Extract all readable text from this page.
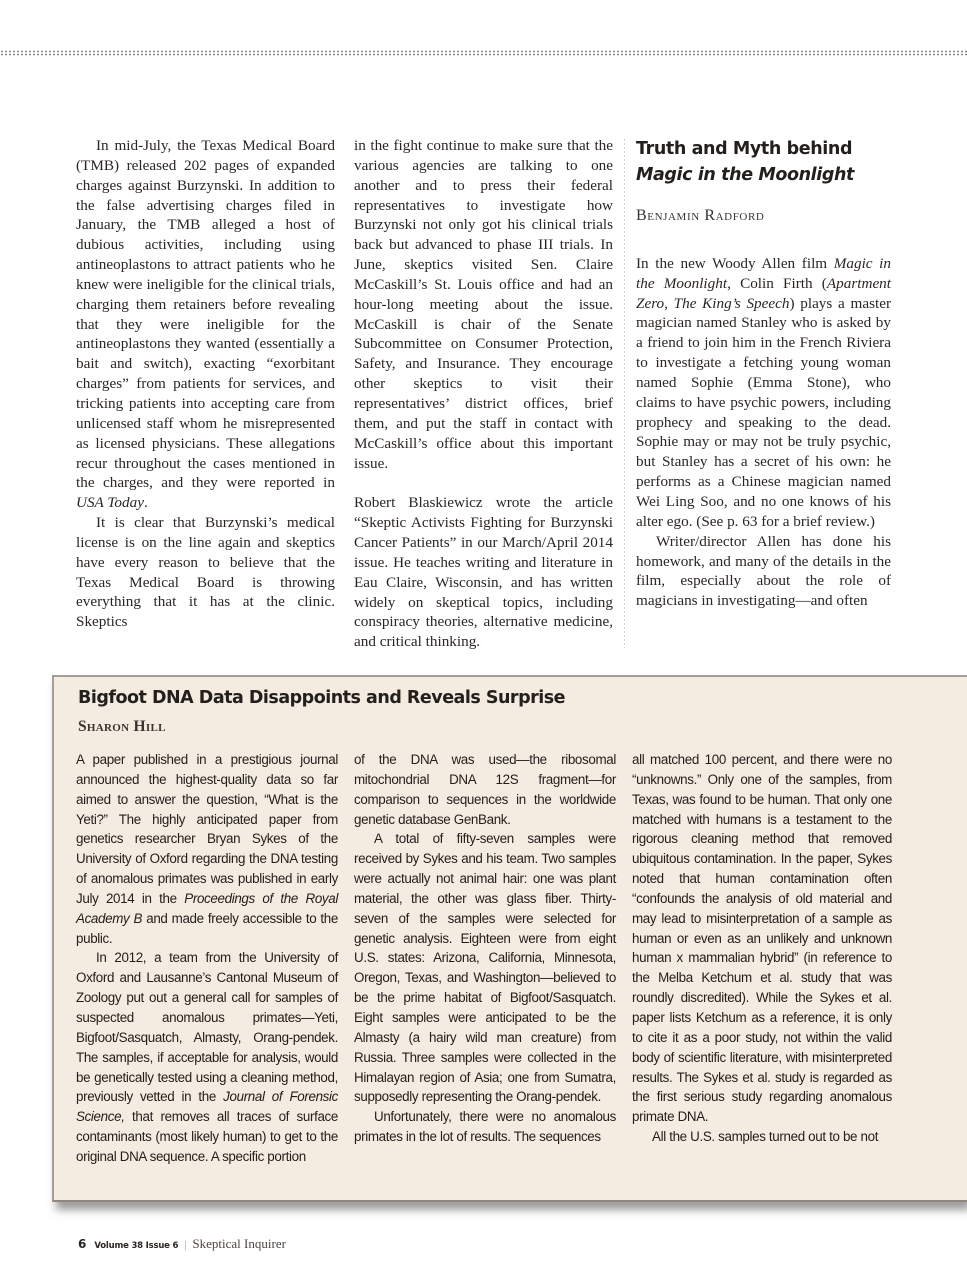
In mid-July, the Texas Medical Board (TMB) released 202 pages of expanded charges against Burzynski. In addition to the false advertising charges filed in January, the TMB alleged a host of dubious activities, including using antineoplastons to attract patients who he knew were ineligible for the clinical trials, charging them retainers before revealing that they were ineligible for the antineoplastons they wanted (essentially a bait and switch), exacting “exorbitant charges” from patients for services, and tricking patients into accepting care from unlicensed staff whom he misrepresented as licensed physicians. These allegations recur throughout the cases mentioned in the charges, and they were reported in USA Today.

It is clear that Burzynski’s medical license is on the line again and skeptics have every reason to believe that the Texas Medical Board is throwing everything that it has at the clinic. Skeptics

in the fight continue to make sure that the various agencies are talking to one another and to press their federal representatives to investigate how Burzynski not only got his clinical trials back but advanced to phase III trials. In June, skeptics visited Sen. Claire McCaskill’s St. Louis office and had an hour-long meeting about the issue. McCaskill is chair of the Senate Subcommittee on Consumer Protection, Safety, and Insurance. They encourage other skeptics to visit their representatives’ district offices, brief them, and put the staff in contact with McCaskill’s office about this important issue.

Robert Blaskiewicz wrote the article “Skeptic Activists Fighting for Burzynski Cancer Patients” in our March/April 2014 issue. He teaches writing and literature in Eau Claire, Wisconsin, and has written widely on skeptical topics, including conspiracy theories, alternative medicine, and critical thinking.

Truth and Myth behind
Magic in the Moonlight
Benjamin Radford

In the new Woody Allen film Magic in the Moonlight, Colin Firth (Apartment Zero, The King’s Speech) plays a master magician named Stanley who is asked by a friend to join him in the French Riviera to investigate a fetching young woman named Sophie (Emma Stone), who claims to have psychic powers, including prophecy and speaking to the dead. Sophie may or may not be truly psychic, but Stanley has a secret of his own: he performs as a Chinese magician named Wei Ling Soo, and no one knows of his alter ego. (See p. 63 for a brief review.)

Writer/director Allen has done his homework, and many of the details in the film, especially about the role of magicians in investigating—and often

Bigfoot DNA Data Disappoints and Reveals Surprise
Sharon Hill

A paper published in a prestigious journal announced the highest-quality data so far aimed to answer the question, “What is the Yeti?” The highly anticipated paper from genetics researcher Bryan Sykes of the University of Oxford regarding the DNA testing of anomalous primates was published in early July 2014 in the Proceedings of the Royal Academy B and made freely accessible to the public.

In 2012, a team from the University of Oxford and Lausanne’s Cantonal Museum of Zoology put out a general call for samples of suspected anomalous primates—Yeti, Bigfoot/Sasquatch, Almasty, Orang-pendek. The samples, if acceptable for analysis, would be genetically tested using a cleaning method, previously vetted in the Journal of Forensic Science, that removes all traces of surface contaminants (most likely human) to get to the original DNA sequence. A specific portion

of the DNA was used—the ribosomal mitochondrial DNA 12S fragment—for comparison to sequences in the worldwide genetic database GenBank.

A total of fifty-seven samples were received by Sykes and his team. Two samples were actually not animal hair: one was plant material, the other was glass fiber. Thirty-seven of the samples were selected for genetic analysis. Eighteen were from eight U.S. states: Arizona, California, Minnesota, Oregon, Texas, and Washington—believed to be the prime habitat of Bigfoot/Sasquatch. Eight samples were anticipated to be the Almasty (a hairy wild man creature) from Russia. Three samples were collected in the Himalayan region of Asia; one from Sumatra, supposedly representing the Orang-pendek.

Unfortunately, there were no anomalous primates in the lot of results. The sequences

all matched 100 percent, and there were no “unknowns.” Only one of the samples, from Texas, was found to be human. That only one matched with humans is a testament to the rigorous cleaning method that removed ubiquitous contamination. In the paper, Sykes noted that human contamination often “confounds the analysis of old material and may lead to misinterpretation of a sample as human or even as an unlikely and unknown human x mammalian hybrid” (in reference to the Melba Ketchum et al. study that was roundly discredited). While the Sykes et al. paper lists Ketchum as a reference, it is only to cite it as a poor study, not within the valid body of scientific literature, with misinterpreted results. The Sykes et al. study is regarded as the first serious study regarding anomalous primate DNA.

All the U.S. samples turned out to be not

6 Volume 38 Issue 6 | Skeptical Inquirer
